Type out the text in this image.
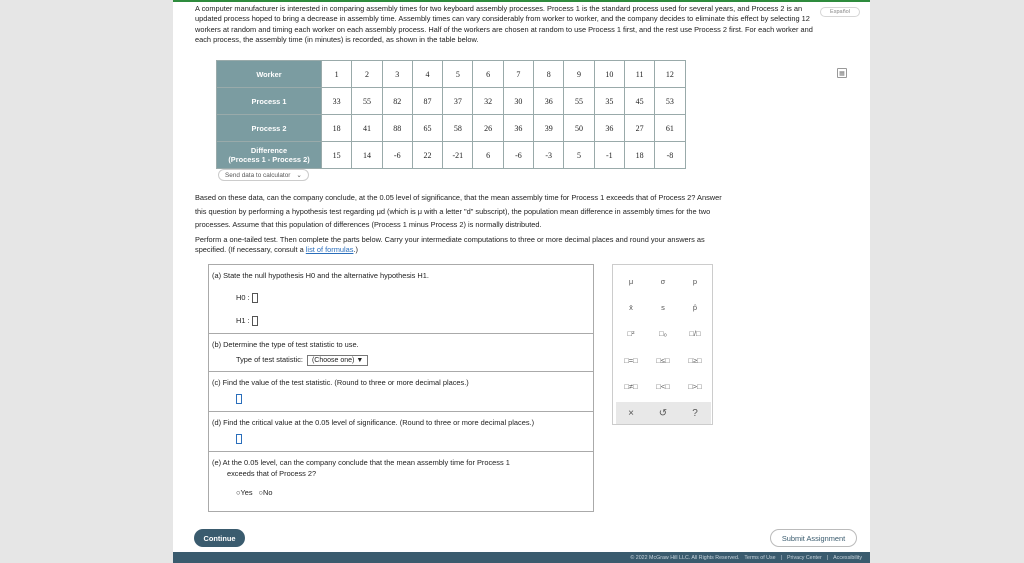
Español
A computer manufacturer is interested in comparing assembly times for two keyboard assembly processes. Process 1 is the standard process used for several years, and Process 2 is an updated process hoped to bring a decrease in assembly time. Assembly times can vary considerably from worker to worker, and the company decides to eliminate this effect by selecting 12 workers at random and timing each worker on each assembly process. Half of the workers are chosen at random to use Process 1 first, and the rest use Process 2 first. For each worker and each process, the assembly time (in minutes) is recorded, as shown in the table below.
▦
Worker	1	2	3	4	5	6	7	8	9	10	11	12
Process 1	33	55	82	87	37	32	30	36	55	35	45	53
Process 2	18	41	88	65	58	26	36	39	50	36	27	61

Difference
(Process 1 - Process 2)	15	14	-6	22	-21	6	-6	-3	5	-1	18	-8
Send data to calculator ⌄
Based on these data, can the company conclude, at the 0.05 level of significance, that the mean assembly time for Process 1 exceeds that of Process 2? Answer
this question by performing a hypothesis test regarding μd (which is μ with a letter "d" subscript), the population mean difference in assembly times for the two
processes. Assume that this population of differences (Process 1 minus Process 2) is normally distributed.
Perform a one-tailed test. Then complete the parts below. Carry your intermediate computations to three or more decimal places and round your answers as
specified. (If necessary, consult a list of formulas.)
(a) State the null hypothesis H0 and the alternative hypothesis H1.
H0 :
H1 :
(b) Determine the type of test statistic to use.
Type of test statistic: (Choose one) ▼
(c) Find the value of the test statistic. (Round to three or more decimal places.)
(d) Find the critical value at the 0.05 level of significance. (Round to three or more decimal places.)
(e) At the 0.05 level, can the company conclude that the mean assembly time for Process 1
exceeds that of Process 2?
○Yes ○No
μ	σ	p
x̄	s	p̂
□²	□₀	□/□
□=□	□≤□	□≥□
□≠□	□<□	□>□
×	↺	?
Continue	Submit Assignment
© 2022 McGraw Hill LLC. All Rights Reserved. Terms of Use | Privacy Center | Accessibility
